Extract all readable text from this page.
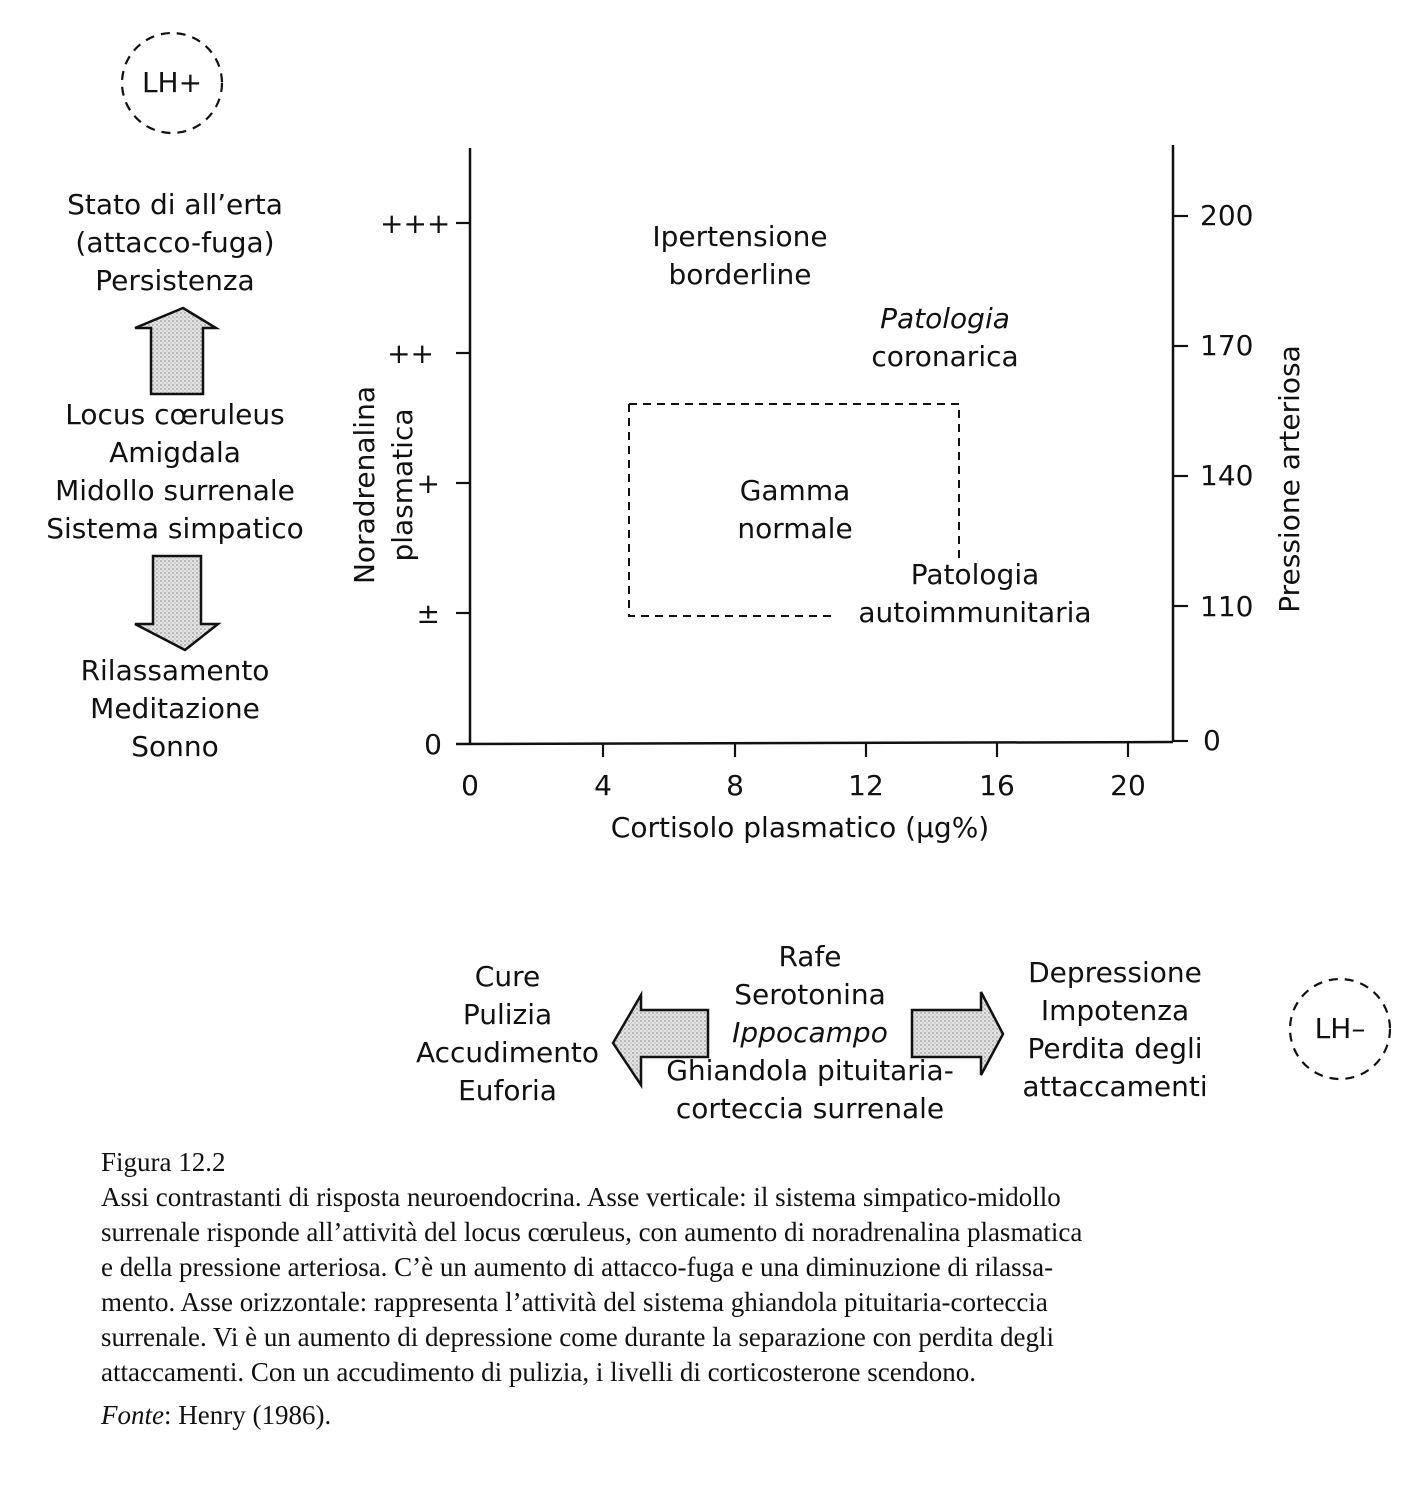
LH+
LH–
Stato di all’erta
(attacco-fuga)
Persistenza
Locus cœruleus
Amigdala
Midollo surrenale
Sistema simpatico
Rilassamento
Meditazione
Sonno
Noradrenalina plasmatica	Pressione arteriosa
+++
++
+
±
0
200
170
140
110
0
0	4	8	12	16	20
Cortisolo plasmatico (µg%)
Ipertensione
borderline
Patologia
coronarica
Gamma
normale
Patologia
autoimmunitaria
Cure
Pulizia
Accudimento
Euforia
Rafe
Serotonina
Ippocampo
Ghiandola pituitaria-
corteccia surrenale
Depressione
Impotenza
Perdita degli
attaccamenti
Figura 12.2
Assi contrastanti di risposta neuroendocrina. Asse verticale: il sistema simpatico-midollo
surrenale risponde all’attività del locus cœruleus, con aumento di noradrenalina plasmatica
e della pressione arteriosa. C’è un aumento di attacco-fuga e una diminuzione di rilassa-
mento. Asse orizzontale: rappresenta l’attività del sistema ghiandola pituitaria-corteccia
surrenale. Vi è un aumento di depressione come durante la separazione con perdita degli
attaccamenti. Con un accudimento di pulizia, i livelli di corticosterone scendono.
Fonte: Henry (1986).
